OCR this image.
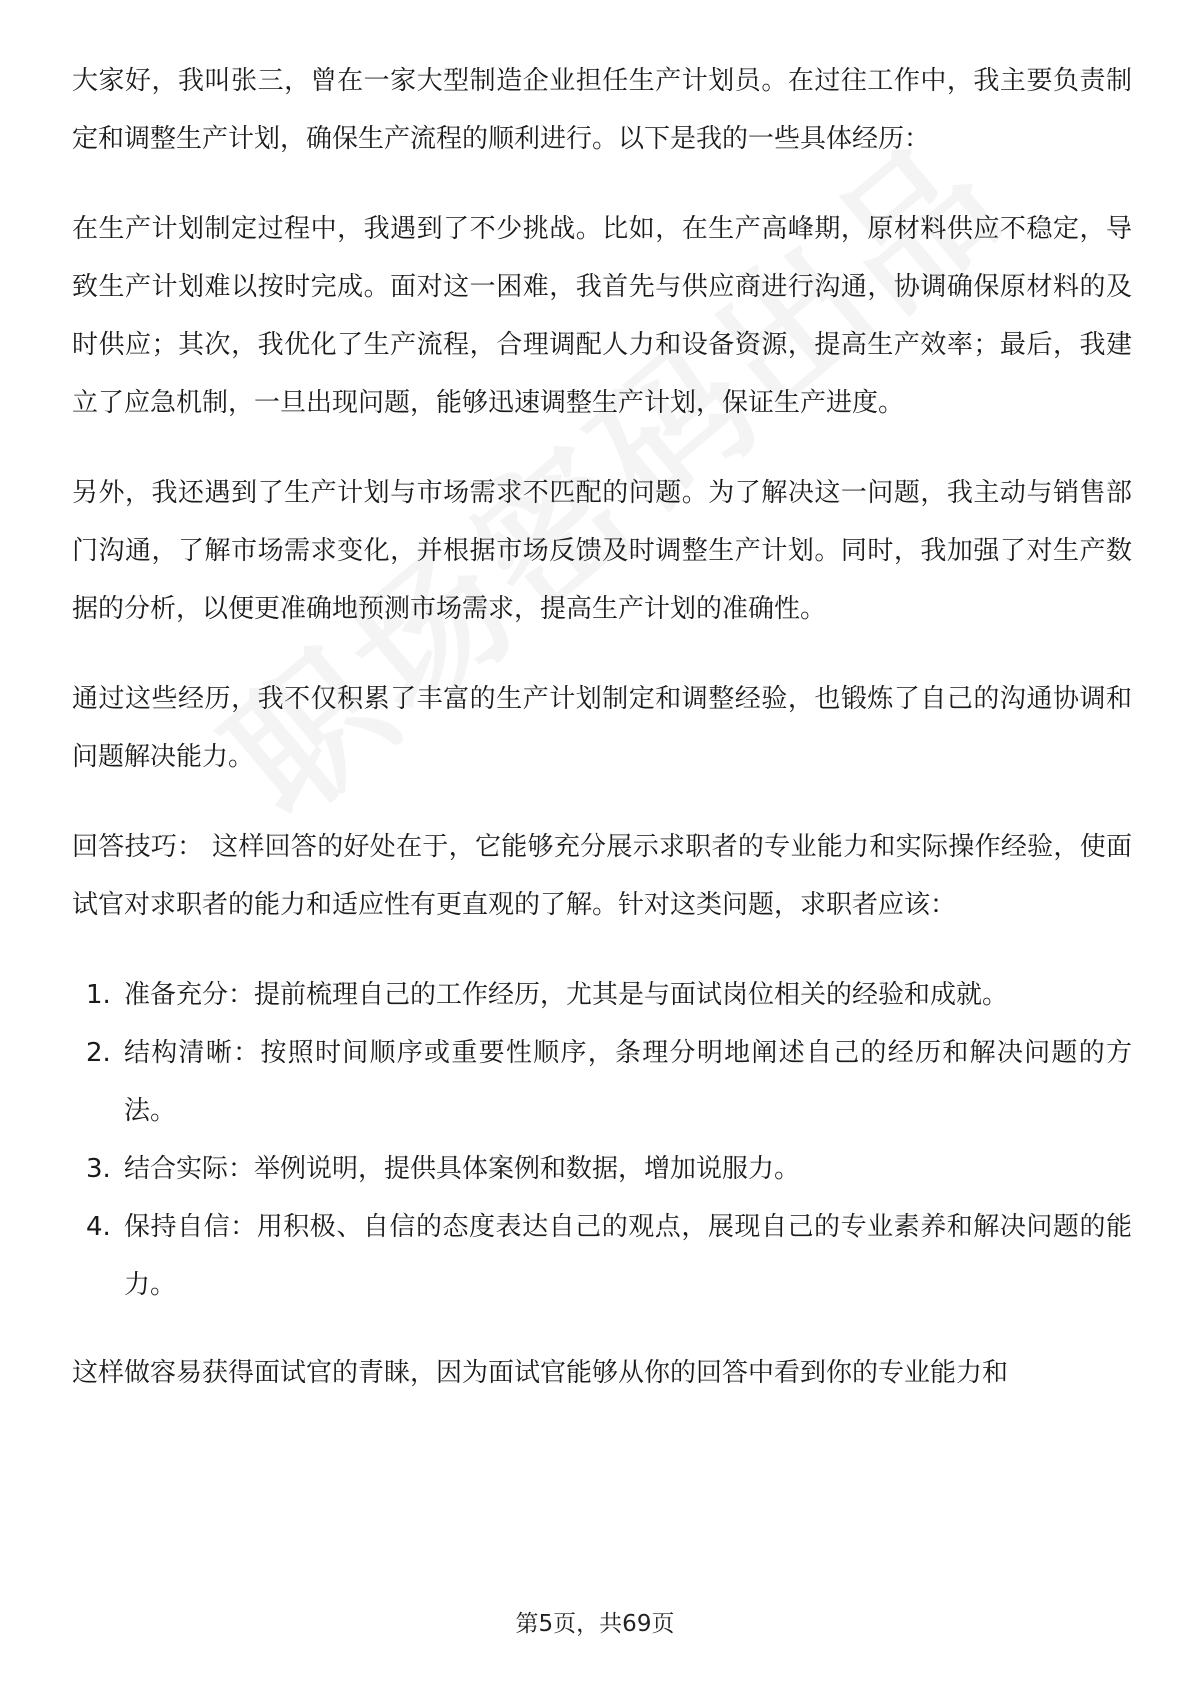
大家好，我叫张三，曾在一家大型制造企业担任生产计划员。在过往工作中，我主要负责制定和调整生产计划，确保生产流程的顺利进行。以下是我的一些具体经历：

在生产计划制定过程中，我遇到了不少挑战。比如，在生产高峰期，原材料供应不稳定，导致生产计划难以按时完成。面对这一困难，我首先与供应商进行沟通，协调确保原材料的及时供应；其次，我优化了生产流程，合理调配人力和设备资源，提高生产效率；最后，我建立了应急机制，一旦出现问题，能够迅速调整生产计划，保证生产进度。

另外，我还遇到了生产计划与市场需求不匹配的问题。为了解决这一问题，我主动与销售部门沟通，了解市场需求变化，并根据市场反馈及时调整生产计划。同时，我加强了对生产数据的分析，以便更准确地预测市场需求，提高生产计划的准确性。

通过这些经历，我不仅积累了丰富的生产计划制定和调整经验，也锻炼了自己的沟通协调和问题解决能力。

回答技巧： 这样回答的好处在于，它能够充分展示求职者的专业能力和实际操作经验，使面试官对求职者的能力和适应性有更直观的了解。针对这类问题，求职者应该：

1. 准备充分：提前梳理自己的工作经历，尤其是与面试岗位相关的经验和成就。
2. 结构清晰：按照时间顺序或重要性顺序，条理分明地阐述自己的经历和解决问题的方法。
3. 结合实际：举例说明，提供具体案例和数据，增加说服力。
4. 保持自信：用积极、自信的态度表达自己的观点，展现自己的专业素养和解决问题的能力。

这样做容易获得面试官的青睐，因为面试官能够从你的回答中看到你的专业能力和

第5页，共69页
